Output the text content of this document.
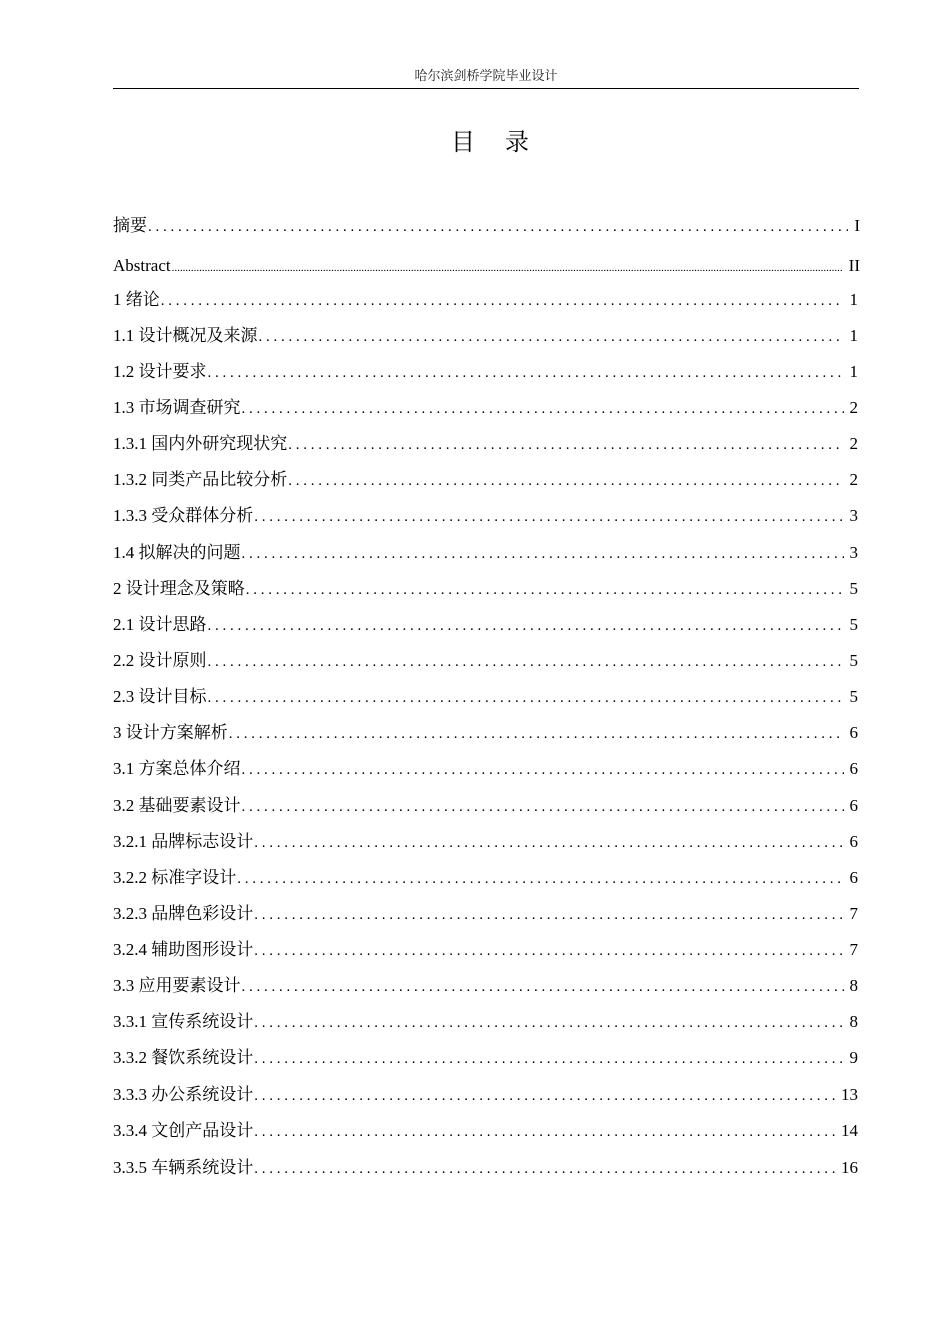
哈尔滨剑桥学院毕业设计
目 录
摘要 . . .	I
Abstract .....	II
1 绪论 . . .	1
1.1 设计概况及来源 . . .	1
1.2 设计要求 . . .	1
1.3 市场调查研究 . . .	2
1.3.1 国内外研究现状究 . . .	2
1.3.2 同类产品比较分析 . . .	2
1.3.3 受众群体分析 . . .	3
1.4 拟解决的问题 . . .	3
2 设计理念及策略 . . .	5
2.1 设计思路 . . .	5
2.2 设计原则 . . .	5
2.3 设计目标 . . .	5
3 设计方案解析 . . .	6
3.1 方案总体介绍 . . .	6
3.2 基础要素设计 . . .	6
3.2.1 品牌标志设计 . . .	6
3.2.2 标准字设计 . . .	6
3.2.3 品牌色彩设计 . . .	7
3.2.4 辅助图形设计 . . .	7
3.3 应用要素设计 . . .	8
3.3.1 宣传系统设计 . . .	8
3.3.2 餐饮系统设计 . . .	9
3.3.3 办公系统设计 . . .	13
3.3.4 文创产品设计 . . .	14
3.3.5 车辆系统设计 . . .	16
